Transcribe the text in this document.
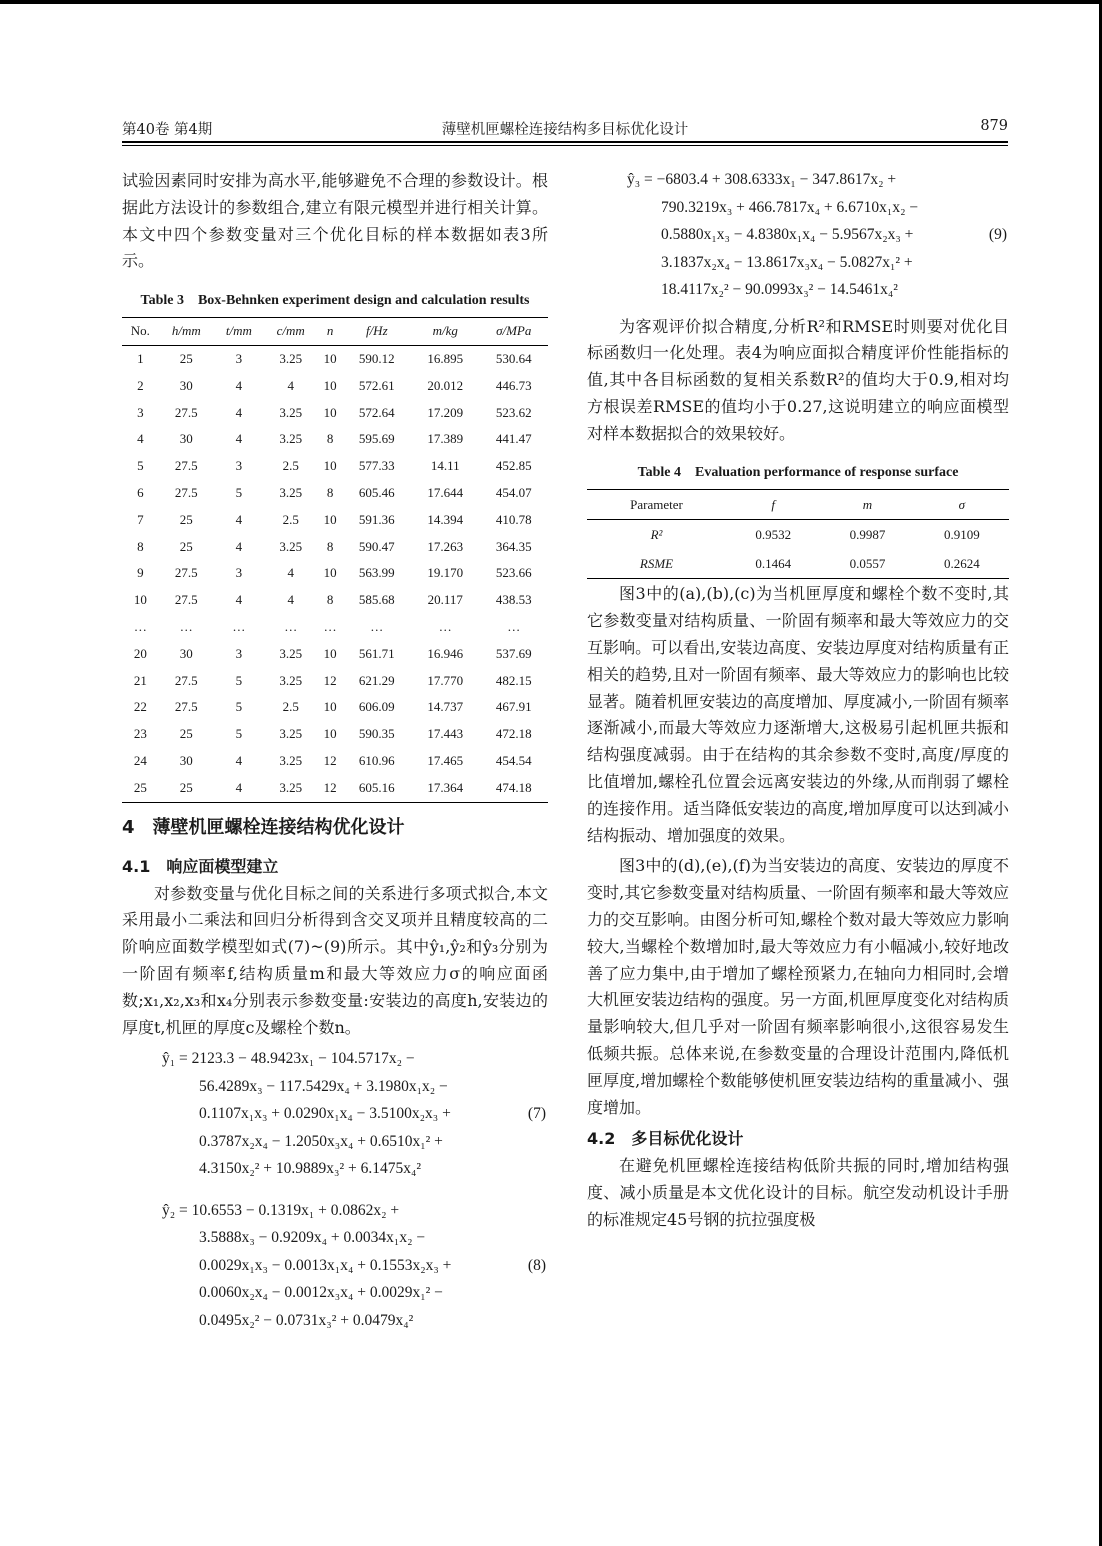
第40卷 第4期	薄壁机匣螺栓连接结构多目标优化设计	879

试验因素同时安排为高水平,能够避免不合理的参数设计。根据此方法设计的参数组合,建立有限元模型并进行相关计算。本文中四个参数变量对三个优化目标的样本数据如表3所示。

Table 3 Box-Behnken experiment design and calculation results
No.	h/mm	t/mm	c/mm	n	f/Hz	m/kg	σ/MPa
1	25	3	3.25	10	590.12	16.895	530.64
2	30	4	4	10	572.61	20.012	446.73
3	27.5	4	3.25	10	572.64	17.209	523.62
4	30	4	3.25	8	595.69	17.389	441.47
5	27.5	3	2.5	10	577.33	14.11	452.85
6	27.5	5	3.25	8	605.46	17.644	454.07
7	25	4	2.5	10	591.36	14.394	410.78
8	25	4	3.25	8	590.47	17.263	364.35
9	27.5	3	4	10	563.99	19.170	523.66
10	27.5	4	4	8	585.68	20.117	438.53
…	…	…	…	…	…	…	…
20	30	3	3.25	10	561.71	16.946	537.69
21	27.5	5	3.25	12	621.29	17.770	482.15
22	27.5	5	2.5	10	606.09	14.737	467.91
23	25	5	3.25	10	590.35	17.443	472.18
24	30	4	3.25	12	610.96	17.465	454.54
25	25	4	3.25	12	605.16	17.364	474.18
4　薄壁机匣螺栓连接结构优化设计
4.1　响应面模型建立

对参数变量与优化目标之间的关系进行多项式拟合,本文采用最小二乘法和回归分析得到含交叉项并且精度较高的二阶响应面数学模型如式(7)~(9)所示。其中ŷ₁,ŷ₂和ŷ₃分别为一阶固有频率f,结构质量m和最大等效应力σ的响应面函数;x₁,x₂,x₃和x₄分别表示参数变量:安装边的高度h,安装边的厚度t,机匣的厚度c及螺栓个数n。

ŷ₁ = 2123.3 − 48.9423x₁ − 104.5717x₂ −
56.4289x₃ − 117.5429x₄ + 3.1980x₁x₂ −
0.1107x₁x₃ + 0.0290x₁x₄ − 3.5100x₂x₃ +
0.3787x₂x₄ − 1.2050x₃x₄ + 0.6510x₁² +
4.3150x₂² + 10.9889x₃² + 6.1475x₄²
(7)
ŷ₂ = 10.6553 − 0.1319x₁ + 0.0862x₂ +
3.5888x₃ − 0.9209x₄ + 0.0034x₁x₂ −
0.0029x₁x₃ − 0.0013x₁x₄ + 0.1553x₂x₃ +
0.0060x₂x₄ − 0.0012x₃x₄ + 0.0029x₁² −
0.0495x₂² − 0.0731x₃² + 0.0479x₄²
(8)
ŷ₃ = −6803.4 + 308.6333x₁ − 347.8617x₂ +
790.3219x₃ + 466.7817x₄ + 6.6710x₁x₂ −
0.5880x₁x₃ − 4.8380x₁x₄ − 5.9567x₂x₃ +
3.1837x₂x₄ − 13.8617x₃x₄ − 5.0827x₁² +
18.4117x₂² − 90.0993x₃² − 14.5461x₄²
(9)

为客观评价拟合精度,分析R²和RMSE时则要对优化目标函数归一化处理。表4为响应面拟合精度评价性能指标的值,其中各目标函数的复相关系数R²的值均大于0.9,相对均方根误差RMSE的值均小于0.27,这说明建立的响应面模型对样本数据拟合的效果较好。

Table 4 Evaluation performance of response surface
Parameter	f	m	σ
R²	0.9532	0.9987	0.9109
RSME	0.1464	0.0557	0.2624

图3中的(a),(b),(c)为当机匣厚度和螺栓个数不变时,其它参数变量对结构质量、一阶固有频率和最大等效应力的交互影响。可以看出,安装边高度、安装边厚度对结构质量有正相关的趋势,且对一阶固有频率、最大等效应力的影响也比较显著。随着机匣安装边的高度增加、厚度减小,一阶固有频率逐渐减小,而最大等效应力逐渐增大,这极易引起机匣共振和结构强度减弱。由于在结构的其余参数不变时,高度/厚度的比值增加,螺栓孔位置会远离安装边的外缘,从而削弱了螺栓的连接作用。适当降低安装边的高度,增加厚度可以达到减小结构振动、增加强度的效果。

图3中的(d),(e),(f)为当安装边的高度、安装边的厚度不变时,其它参数变量对结构质量、一阶固有频率和最大等效应力的交互影响。由图分析可知,螺栓个数对最大等效应力影响较大,当螺栓个数增加时,最大等效应力有小幅减小,较好地改善了应力集中,由于增加了螺栓预紧力,在轴向力相同时,会增大机匣安装边结构的强度。另一方面,机匣厚度变化对结构质量影响较大,但几乎对一阶固有频率影响很小,这很容易发生低频共振。总体来说,在参数变量的合理设计范围内,降低机匣厚度,增加螺栓个数能够使机匣安装边结构的重量减小、强度增加。

4.2　多目标优化设计

在避免机匣螺栓连接结构低阶共振的同时,增加结构强度、减小质量是本文优化设计的目标。航空发动机设计手册的标准规定45号钢的抗拉强度极
